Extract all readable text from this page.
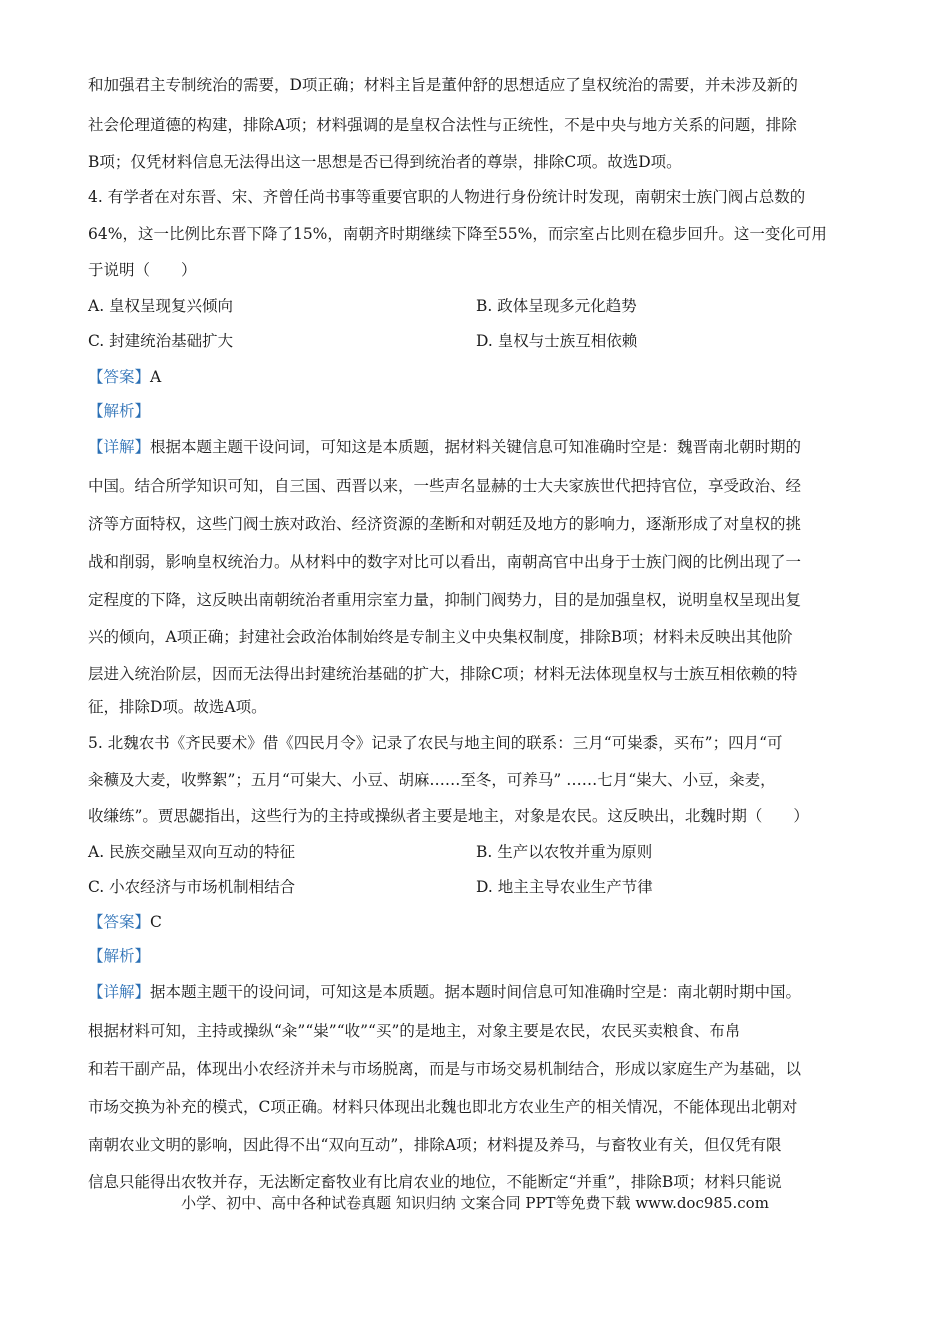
和加强君主专制统治的需要，D项正确；材料主旨是董仲舒的思想适应了皇权统治的需要，并未涉及新的
社会伦理道德的构建，排除A项；材料强调的是皇权合法性与正统性，不是中央与地方关系的问题，排除
B项；仅凭材料信息无法得出这一思想是否已得到统治者的尊崇，排除C项。故选D项。
4. 有学者在对东晋、宋、齐曾任尚书事等重要官职的人物进行身份统计时发现，南朝宋士族门阀占总数的
64%，这一比例比东晋下降了15%，南朝齐时期继续下降至55%，而宗室占比则在稳步回升。这一变化可用
于说明（　　）
A. 皇权呈现复兴倾向	B. 政体呈现多元化趋势
C. 封建统治基础扩大	D. 皇权与士族互相依赖
【答案】A
【解析】
【详解】根据本题主题干设问词，可知这是本质题，据材料关键信息可知准确时空是：魏晋南北朝时期的
中国。结合所学知识可知，自三国、西晋以来，一些声名显赫的士大夫家族世代把持官位，享受政治、经
济等方面特权，这些门阀士族对政治、经济资源的垄断和对朝廷及地方的影响力，逐渐形成了对皇权的挑
战和削弱，影响皇权统治力。从材料中的数字对比可以看出，南朝高官中出身于士族门阀的比例出现了一
定程度的下降，这反映出南朝统治者重用宗室力量，抑制门阀势力，目的是加强皇权，说明皇权呈现出复
兴的倾向，A项正确；封建社会政治体制始终是专制主义中央集权制度，排除B项；材料未反映出其他阶
层进入统治阶层，因而无法得出封建统治基础的扩大，排除C项；材料无法体现皇权与士族互相依赖的特
征，排除D项。故选A项。
5. 北魏农书《齐民要术》借《四民月令》记录了农民与地主间的联系：三月“可粜黍，买布”；四月“可
籴穬及大麦，收弊絮”；五月“可粜大、小豆、胡麻……至冬，可养马” ……七月“粜大、小豆，籴麦，
收缣练”。贾思勰指出，这些行为的主持或操纵者主要是地主，对象是农民。这反映出，北魏时期（　　）
A. 民族交融呈双向互动的特征	B. 生产以农牧并重为原则
C. 小农经济与市场机制相结合	D. 地主主导农业生产节律
【答案】C
【解析】
【详解】据本题主题干的设问词，可知这是本质题。据本题时间信息可知准确时空是：南北朝时期中国。
根据材料可知，主持或操纵“籴”“粜”“收”“买”的是地主，对象主要是农民，农民买卖粮食、布帛
和若干副产品，体现出小农经济并未与市场脱离，而是与市场交易机制结合，形成以家庭生产为基础，以
市场交换为补充的模式，C项正确。材料只体现出北魏也即北方农业生产的相关情况，不能体现出北朝对
南朝农业文明的影响，因此得不出“双向互动”，排除A项；材料提及养马，与畜牧业有关，但仅凭有限
信息只能得出农牧并存，无法断定畜牧业有比肩农业的地位，不能断定“并重”，排除B项；材料只能说
小学、初中、高中各种试卷真题 知识归纳 文案合同 PPT等免费下载 www.doc985.com
